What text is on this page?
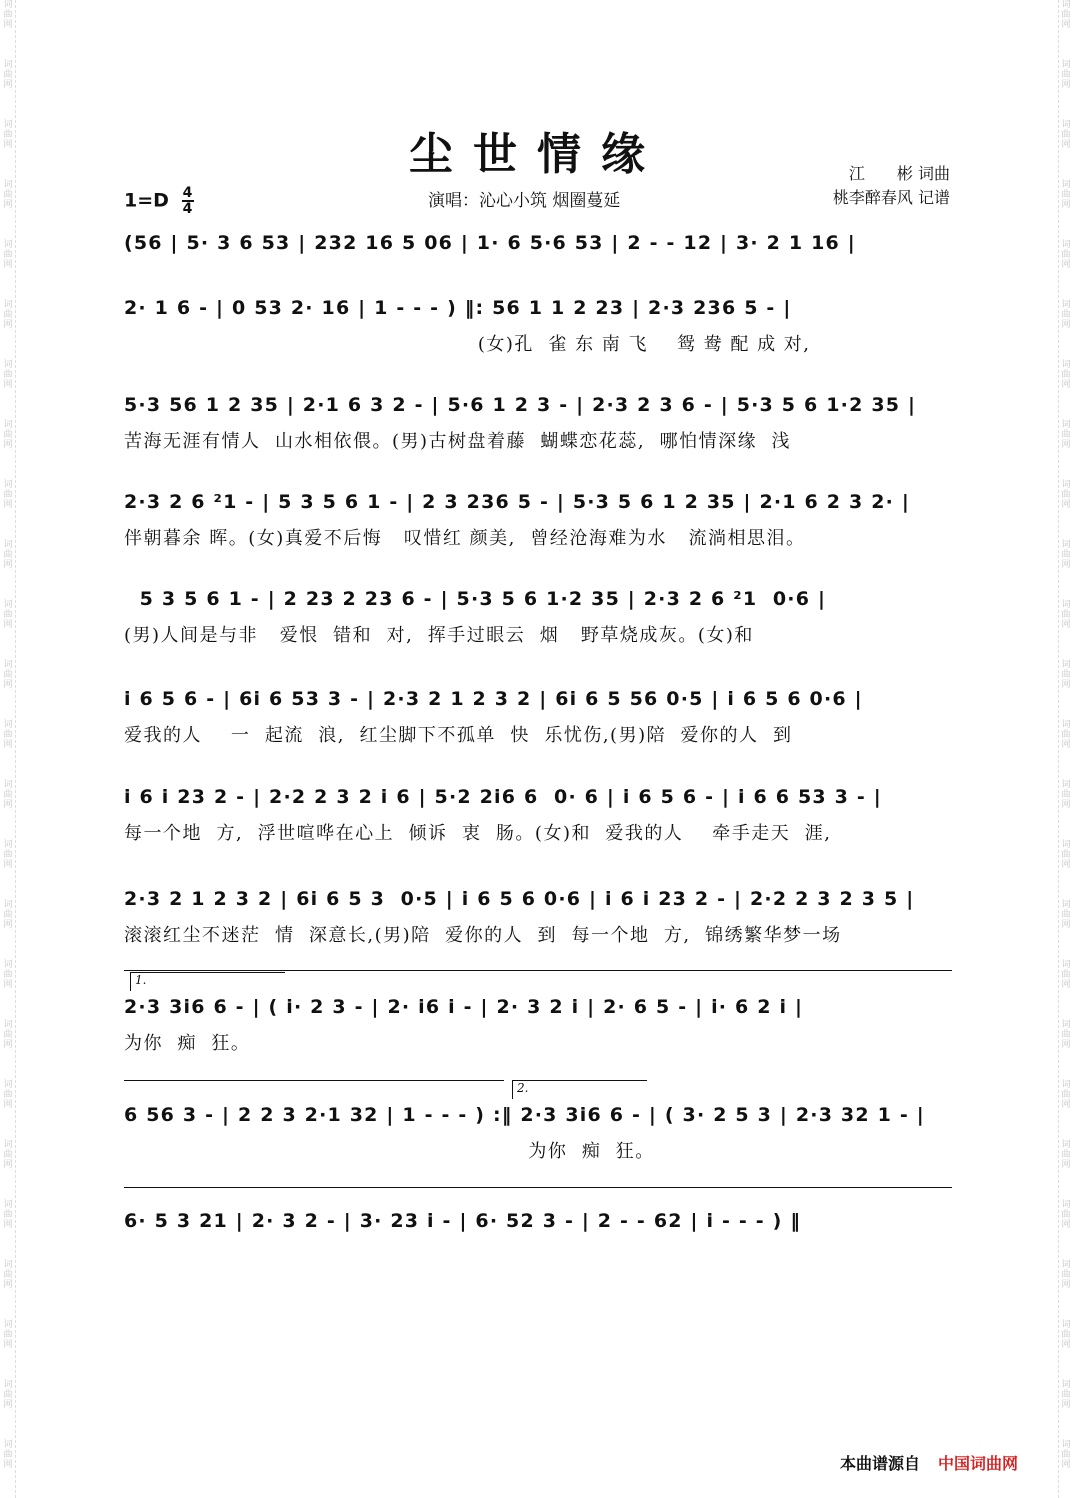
词
曲
网
词
曲
网
词
曲
网
词
曲
网
词
曲
网
词
曲
网
词
曲
网
词
曲
网
词
曲
网
词
曲
网
词
曲
网
词
曲
网
词
曲
网
词
曲
网
词
曲
网
词
曲
网
词
曲
网
词
曲
网
词
曲
网
词
曲
网
词
曲
网
词
曲
网
词
曲
网
词
曲
网
词
曲
网
词
曲
网
词
曲
网
词
曲
网
词
曲
网
词
曲
网
词
曲
网
词
曲
网
词
曲
网
词
曲
网
词
曲
网
词
曲
网
词
曲
网
词
曲
网
词
曲
网
词
曲
网
词
曲
网
词
曲
网
词
曲
网
词
曲
网
词
曲
网
词
曲
网
词
曲
网
词
曲
网
词
曲
网
词
曲
网
尘世情缘
$1=D \frac{4}{4}$	演唱：沁心小筑 烟圈蔓延
江　　彬 词曲
桃李醉春风 记谱
(56 | 5· 3 6 53 | 232 16 5 06 | 1· 6 5·6 53 | 2 - - 12 | 3· 2 1 16 |
2· 1 6 - | 0 53 2· 16 | 1 - - - ) ‖: 56 1 1 2 23 | 2·3 236 5 - |
(女)孔  雀 东 南 飞    鸳 鸯 配 成 对,
5·3 56 1 2 35 | 2·1 6 3 2 - | 5·6 1 2 3 - | 2·3 2 3 6 - | 5·3 5 6 1·2 35 |
苦海无涯有情人  山水相依偎。(男)古树盘着藤  蝴蝶恋花蕊,  哪怕情深缘  浅
2·3 2 6 ²1 - | 5 3 5 6 1 - | 2 3 236 5 - | 5·3 5 6 1 2 35 | 2·1 6 2 3 2· |
伴朝暮余 晖。(女)真爱不后悔   叹惜红 颜美,  曾经沧海难为水   流淌相思泪。
5 3 5 6 1 - | 2 23 2 23 6 - | 5·3 5 6 1·2 35 | 2·3 2 6 ²1  0·6 |
(男)人间是与非   爱恨  错和  对,  挥手过眼云  烟   野草烧成灰。(女)和
i 6 5 6 - | 6i 6 53 3 - | 2·3 2 1 2 3 2 | 6i 6 5 56 0·5 | i 6 5 6 0·6 |
爱我的人    一  起流  浪,  红尘脚下不孤单  快  乐忧伤,(男)陪  爱你的人  到
i 6 i 23 2 - | 2·2 2 3 2 i 6 | 5·2 2i6 6  0· 6 | i 6 5 6 - | i 6 6 53 3 - |
每一个地  方,  浮世喧哗在心上  倾诉  衷  肠。(女)和  爱我的人    牵手走天  涯,
2·3 2 1 2 3 2 | 6i 6 5 3  0·5 | i 6 5 6 0·6 | i 6 i 23 2 - | 2·2 2 3 2 3 5 |
滚滚红尘不迷茫  情  深意长,(男)陪  爱你的人  到  每一个地  方,  锦绣繁华梦一场
1.
2·3 3i6 6 - | ( i· 2 3 - | 2· i6 i - | 2· 3 2 i | 2· 6 5 - | i· 6 2 i |
为你  痴  狂。
2.
6 56 3 - | 2 2 3 2·1 32 | 1 - - - ) :‖ 2·3 3i6 6 - | ( 3· 2 5 3 | 2·3 32 1 - |
为你  痴  狂。
6· 5 3 21 | 2· 3 2 - | 3· 23 i - | 6· 52 3 - | 2 - - 62 | i - - - ) ‖
本曲谱源自 中国词曲网
